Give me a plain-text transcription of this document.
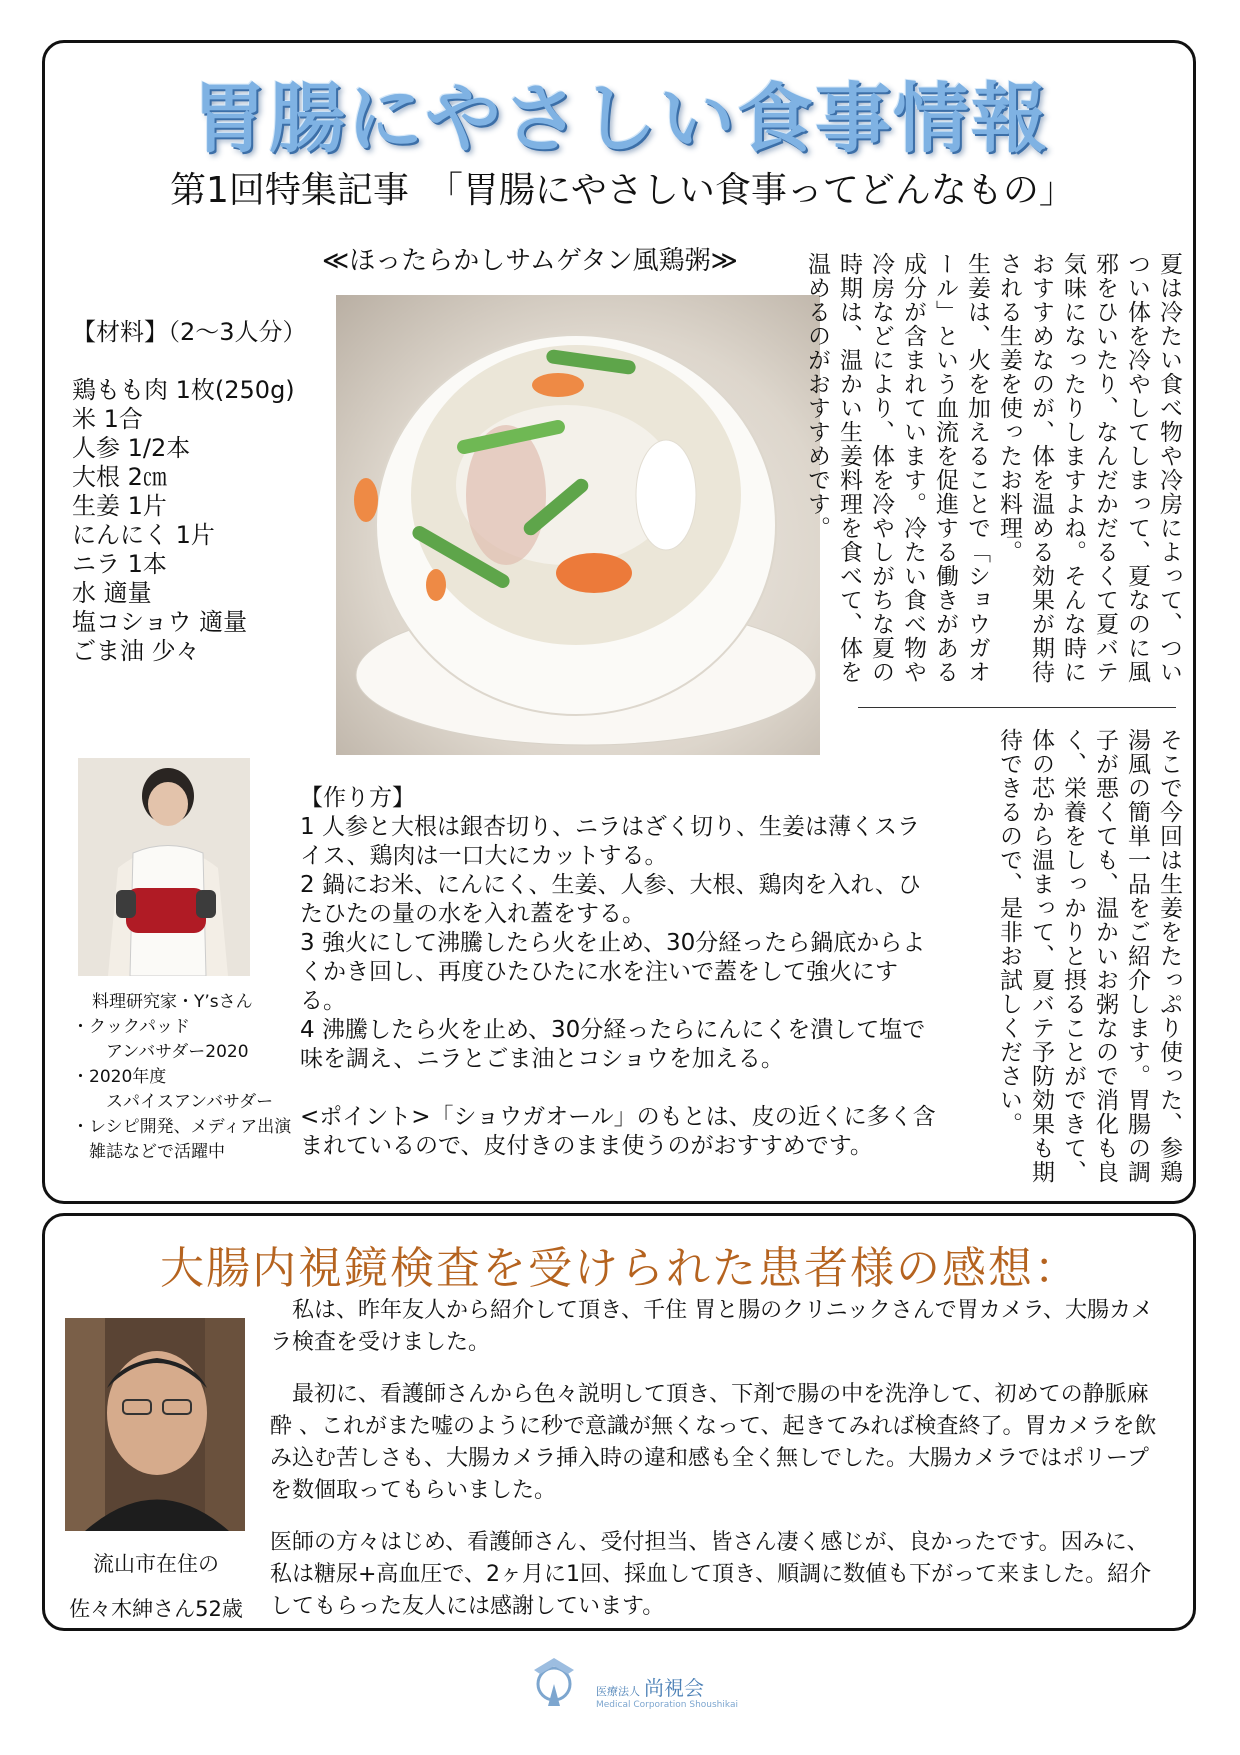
胃腸にやさしい食事情報
第1回特集記事　「胃腸にやさしい食事ってどんなもの」
≪ほったらかしサムゲタン風鶏粥≫
【材料】（2～3人分）
鶏もも肉 1枚(250g)
米 1合
人参 1/2本
大根 2㎝
生姜 1片
にんにく 1片
ニラ 1本
水 適量
塩コショウ 適量
ごま油 少々	夏は冷たい食べ物や冷房によって、ついつい体を冷やしてしまって、夏なのに風邪をひいたり、なんだかだるくて夏バテ気味になったりしますよね。そんな時におすすめなのが、体を温める効果が期待される生姜を使ったお料理。

生姜は、火を加えることで「ショウガオール」という血流を促進する働きがある成分が含まれています。冷たい食べ物や冷房などにより、体を冷やしがちな夏の時期は、温かい生姜料理を食べて、体を温めるのがおすすめです。

そこで今回は生姜をたっぷり使った、参鶏湯風の簡単一品をご紹介します。胃腸の調子が悪くても、温かいお粥なので消化も良く、栄養をしっかりと摂ることができて、体の芯から温まって、夏バテ予防効果も期待できるので、是非お試しください。

料理研究家・Y’sさん
・クックパッド
　　アンバサダー2020
・2020年度
　　スパイスアンバサダー
・レシピ開発、メディア出演
　雑誌などで活躍中

【作り方】

1 人参と大根は銀杏切り、ニラはざく切り、生姜は薄くスライス、鶏肉は一口大にカットする。

2 鍋にお米、にんにく、生姜、人参、大根、鶏肉を入れ、ひたひたの量の水を入れ蓋をする。

3 強火にして沸騰したら火を止め、30分経ったら鍋底からよくかき回し、再度ひたひたに水を注いで蓋をして強火にする。

4 沸騰したら火を止め、30分経ったらにんにくを潰して塩で味を調え、ニラとごま油とコショウを加える。

<ポイント>「ショウガオール」のもとは、皮の近くに多く含まれているので、皮付きのまま使うのがおすすめです。

大腸内視鏡検査を受けられた患者様の感想：
流山市在住の
佐々木紳さん52歳

　私は、昨年友人から紹介して頂き、千住 胃と腸のクリニックさんで胃カメラ、大腸カメラ検査を受けました。

　最初に、看護師さんから色々説明して頂き、下剤で腸の中を洗浄して、初めての静脈麻酔 、これがまた嘘のように秒で意識が無くなって、起きてみれば検査終了。胃カメラを飲み込む苦しさも、大腸カメラ挿入時の違和感も全く無しでした。大腸カメラではポリープを数個取ってもらいました。

医師の方々はじめ、看護師さん、受付担当、皆さん凄く感じが、良かったです。因みに、私は糖尿+高血圧で、2ヶ月に1回、採血して頂き、順調に数値も下がって来ました。紹介してもらった友人には感謝しています。

医療法人 尚視会
Medical Corporation Shoushikai
